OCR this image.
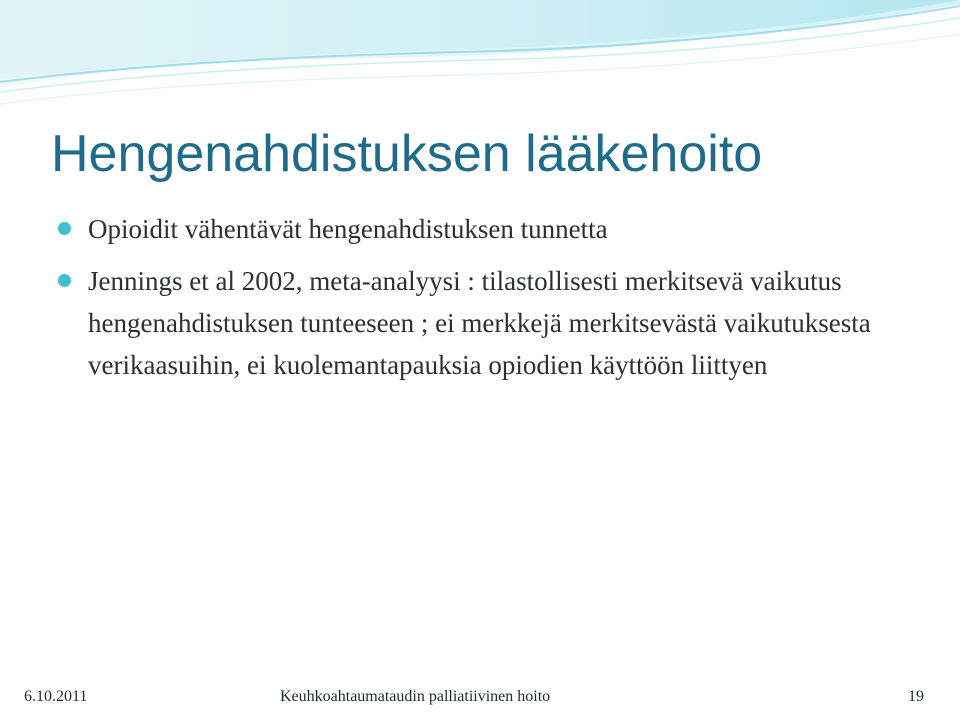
Hengenahdistuksen lääkehoito
Opioidit vähentävät hengenahdistuksen tunnetta
Jennings et al 2002, meta-analyysi : tilastollisesti merkitsevä vaikutus hengenahdistuksen tunteeseen ; ei merkkejä merkitsevästä vaikutuksesta verikaasuihin, ei kuolemantapauksia opiodien käyttöön liittyen
6.10.2011	Keuhkoahtaumataudin palliatiivinen hoito	19
